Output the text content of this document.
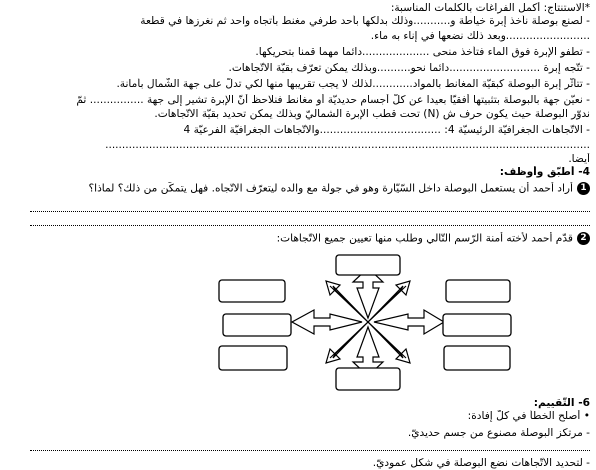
*الاستنتاج: أكمل الفراغات بالكلمات المناسبة:
- لصنع بوصلة نأخذ إبرة خياطة و...........وذلك بدلكها بأحد طرفي مغنط بأتجاه واحد ثم نغرزها في قطعة
.........................وبعد ذلك نضعها في إناء به ماء.
- تطفو الإبرة فوق الماء فتأخذ منحى ....................دائما مهما قمنا بتحريكها.
- تتّجه إبرة ...........................دائما نحو..........وبذلك يمكن تعرّف بقيّة الاتّجاهات.
- تتأثّر إبرة البوصلة كبقيّة المغانط بالمواد............لذلك لا يجب تقريبها منها لكي تدلّ على جهة الشّمال بأمانة.
- نعيّن جهة بالبوصلة بتثبيتها أفقيّا بعيدا عن كلّ أجسام حديديّة أو مغانط فنلاحظ أنّ الإبرة تشير إلى جهة ................ ثمّ
ندوّر البوصلة حيث يكون حرف ش (N) تحت قطب الإبرة الشماليّ وبذلك يمكن تحديد بقيّة الاتّجاهات.
- الاتّجاهات الجغرافيّة الرئيسيّة 4: ....................................والاتّجاهات الجغرافيّة الفرعيّة 4
................................................................................................................................................
أيضا.
4- أطبّق وأوظّف:
1أراد أحمد أن يستعمل البوصلة داخل السّيّارة وهو في جولة مع والده ليتعرّف الاتّجاه. فهل يتمكّن من ذلك؟ لماذا؟
2قدّم أحمد لأخته أمنة الرّسم التّالي وطلب منها تعيين جميع الاتّجاهات:
6- التّقييم:
• أصلح الخطأ في كلّ إفادة:
- مرتكز البوصلة مصنوع من جسم حديديّ.
- لتحديد الاتّجاهات نضع البوصلة في شكل عموديّ.
